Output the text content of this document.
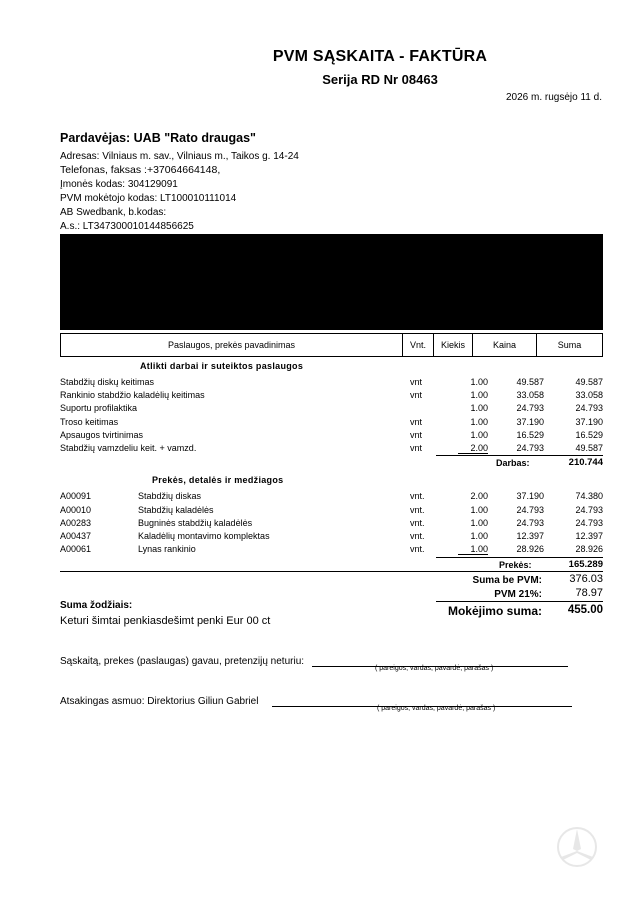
PVM SĄSKAITA - FAKTŪRA
Serija RD Nr 08463
2026 m. rugsėjo 11 d.
Pardavėjas: UAB "Rato draugas"
Adresas: Vilniaus m. sav., Vilniaus m., Taikos g. 14-24
Telefonas, faksas :+37064664148,
Įmonės kodas: 304129091
PVM mokėtojo kodas: LT100010111014
AB Swedbank, b.kodas:
A.s.: LT347300010144856625
Paslaugos, prekės pavadinimas	Vnt.	Kiekis	Kaina	Suma
Atlikti darbai ir suteiktos paslaugos
Stabdžių diskų keitimas	vnt	1.00	49.587	49.587
Rankinio stabdžio kaladėlių keitimas	vnt	1.00	33.058	33.058
Suportu profilaktika	1.00	24.793	24.793
Troso keitimas	vnt	1.00	37.190	37.190
Apsaugos tvirtinimas	vnt	1.00	16.529	16.529
Stabdžių vamzdeliu keit. + vamzd.	vnt	2.00	24.793	49.587
Darbas:	210.744
Prekės, detalės ir medžiagos
A00091	Stabdžių diskas	vnt.	2.00	37.190	74.380
A00010	Stabdžių kaladėlės	vnt.	1.00	24.793	24.793
A00283	Bugninės stabdžių kaladėlės	vnt.	1.00	24.793	24.793
A00437	Kaladėlių montavimo komplektas	vnt.	1.00	12.397	12.397
A00061	Lynas rankinio	vnt.	1.00	28.926	28.926
Prekės:	165.289
Suma be PVM: 376.03
PVM 21%:	78.97
Mokėjimo suma: 455.00
Suma žodžiais:
Keturi šimtai penkiasdešimt penki Eur 00 ct
Sąskaitą, prekes (paslaugas) gavau, pretenzijų neturiu:
( pareigos, vardas, pavardė, parašas )
Atsakingas asmuo: Direktorius Giliun Gabriel
( pareigos, vardas, pavardė, parašas )
